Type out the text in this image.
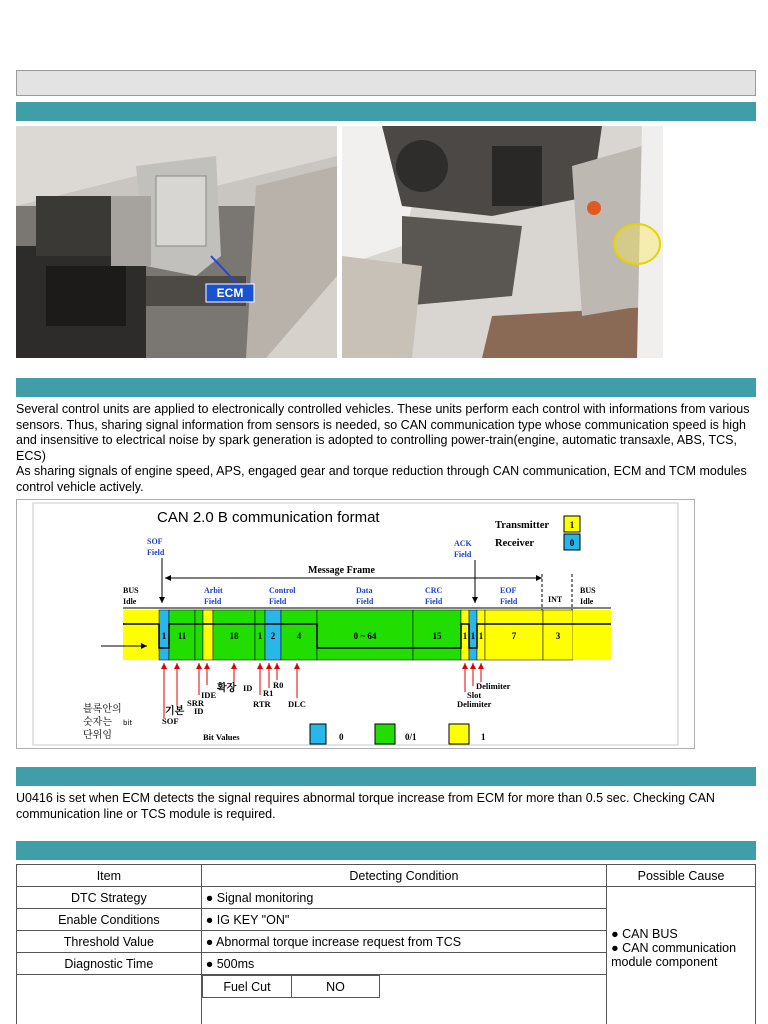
ECM
Several control units are applied to electronically controlled vehicles. These units perform each control with informations from various
sensors. Thus, sharing signal information from sensors is needed, so CAN communication type whose communication speed is high
and insensitive to electrical noise by spark generation is adopted to controlling power-train(engine, automatic transaxle, ABS, TCS,
ECS)
As sharing signals of engine speed, APS, engaged gear and torque reduction through CAN communication, ECM and TCM modules
control vehicle actively.
CAN 2.0 B communication format	Transmitter 1
Receiver	0
SOF
Field
ACK
Field
Message Frame
BUS
Idle
Arbit
Field
Control
Field
Data
Field
CRC
Field
EOF
Field	INT
BUS
Idle
1 11	18 1 2 4	0 ~ 64	15 1 1 1	7	3
IDE
SRR
ID
SOF
기본
확장 ID R1
R0
RTR DLC
Delimiter
Slot
Delimiter
블록안의
숫자는 bit
단위임	Bit Values	0	0/1	1
U0416 is set when ECM detects the signal requires abnormal torque increase from ECM for more than 0.5 sec. Checking CAN
communication line or TCS module is required.
Item	Detecting Condition	Possible Cause
DTC Strategy	● Signal monitoring	
● CAN BUS
● CAN communication
module component

Enable Conditions	● IG KEY "ON"
Threshold Value	● Abnormal torque increase request from TCS
Diagnostic Time	● 500ms

Fuel Cut	NO
